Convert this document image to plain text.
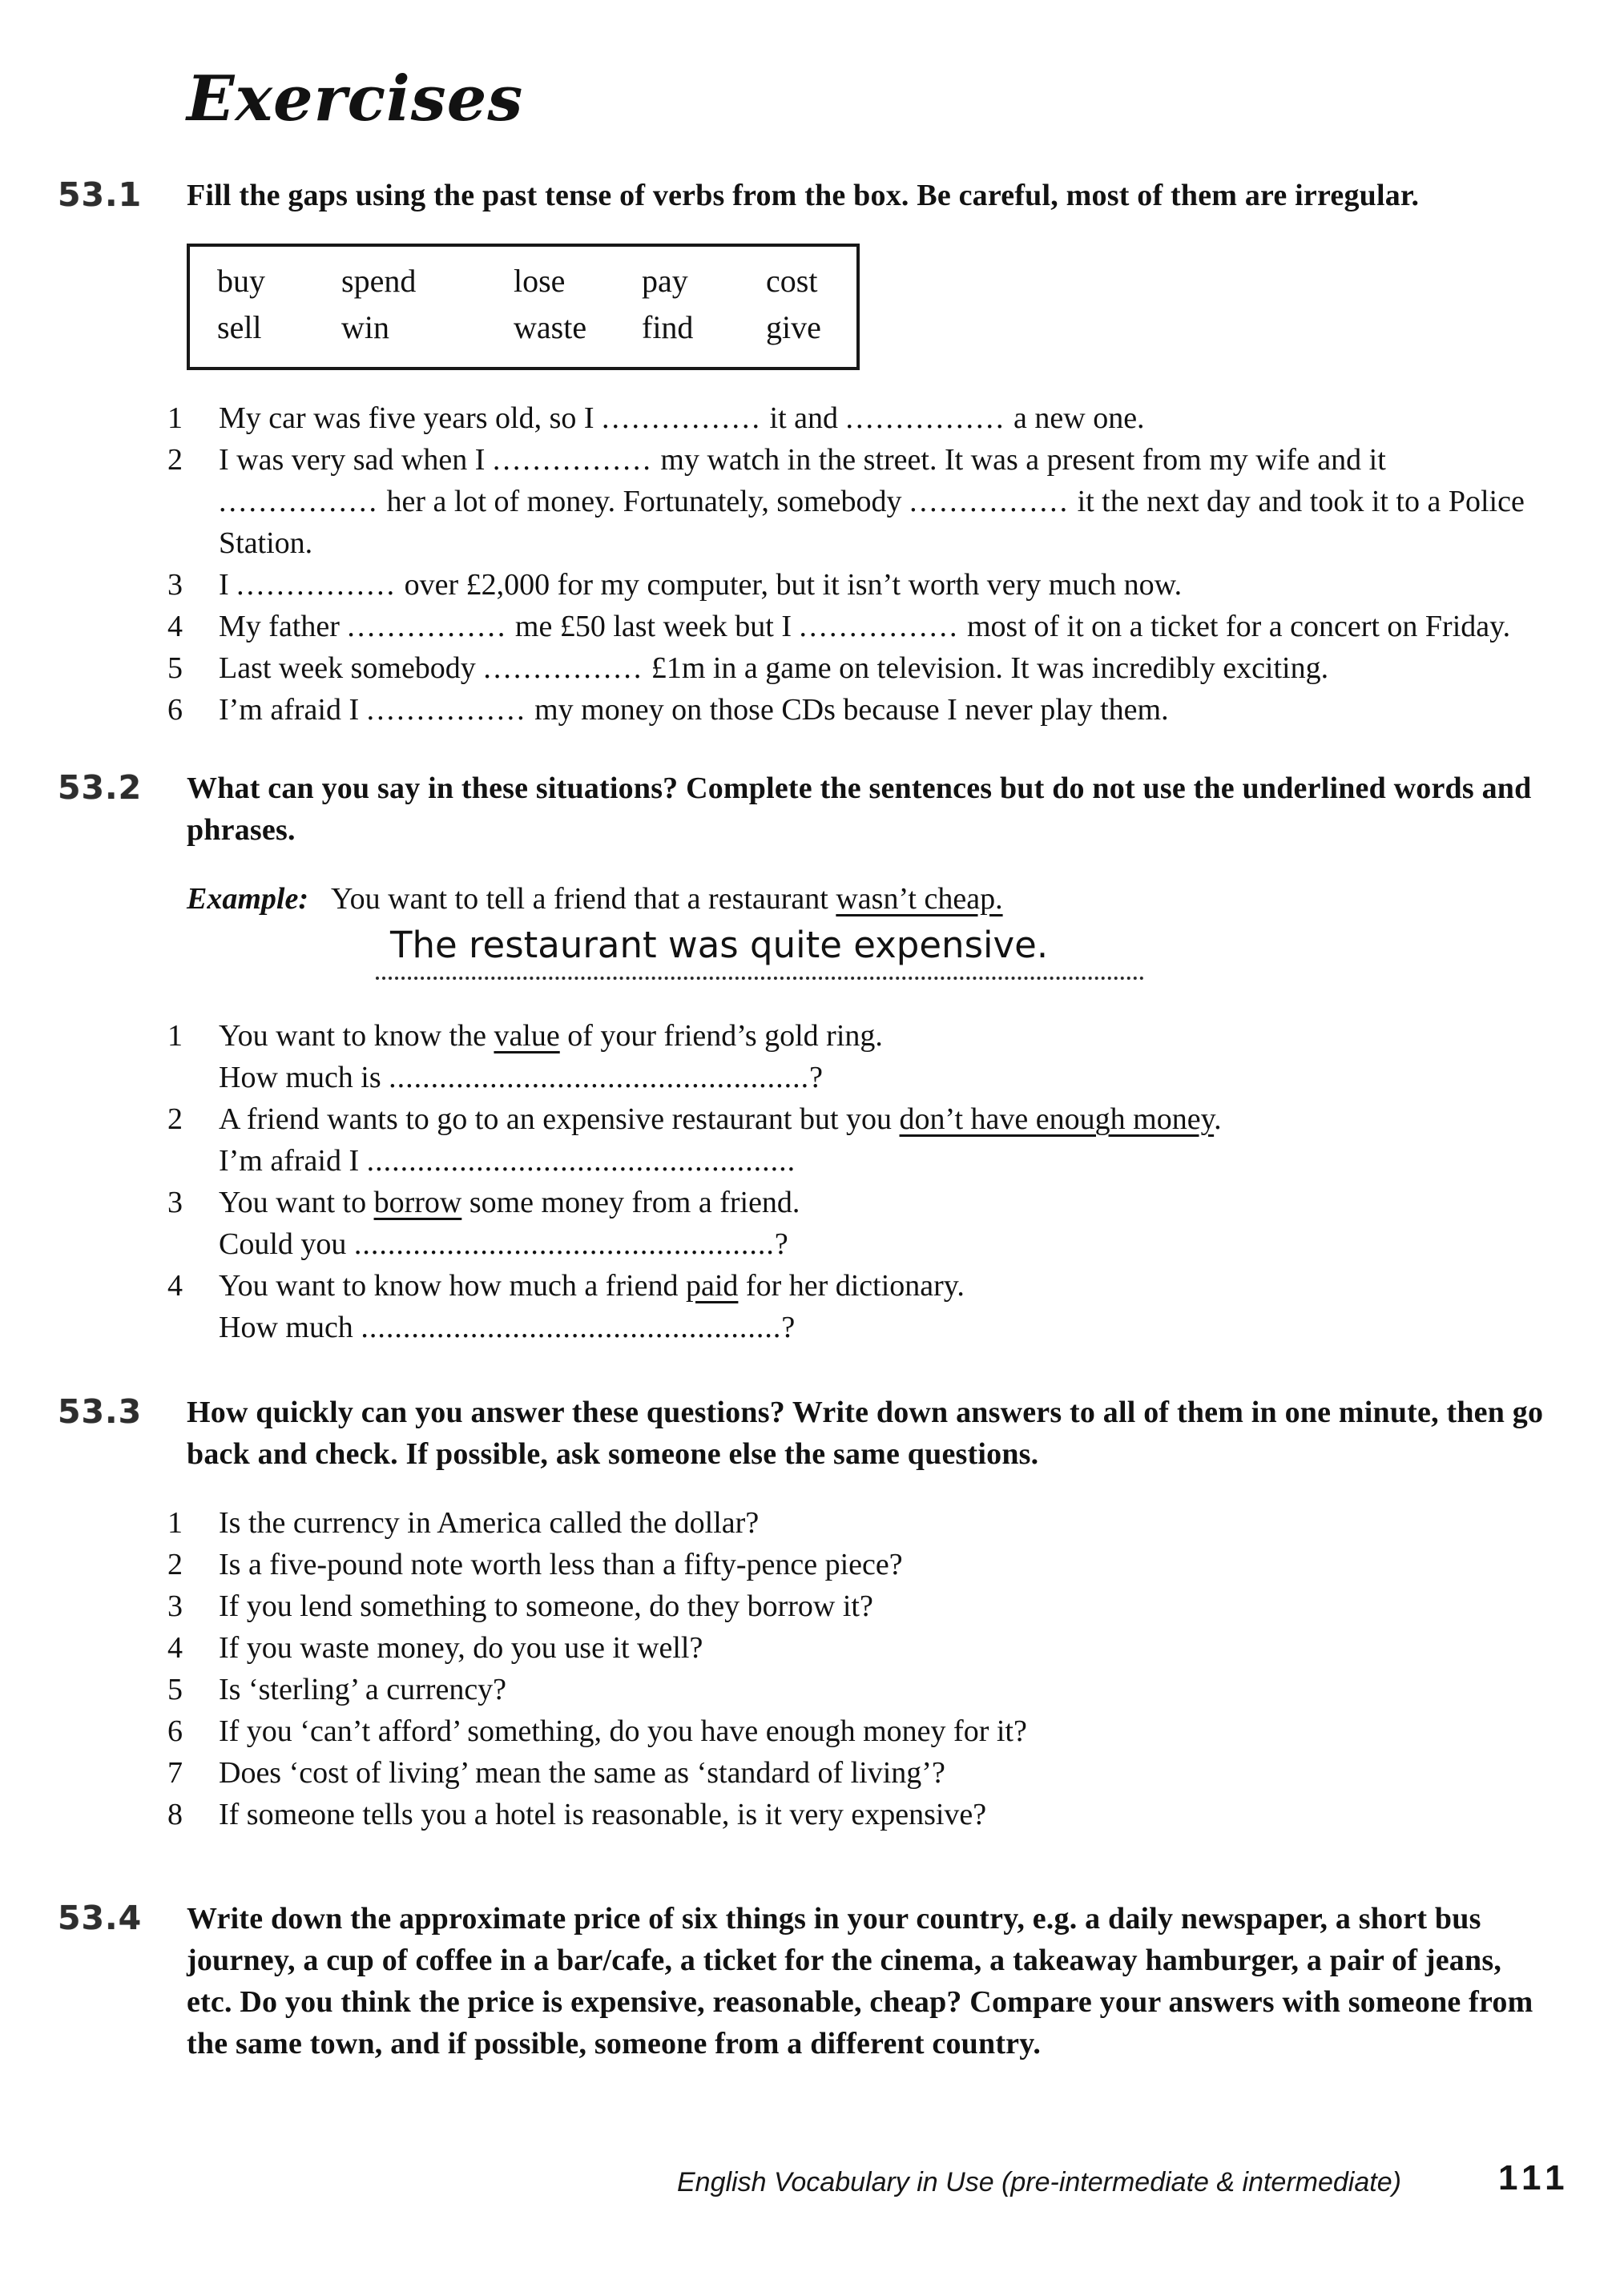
Exercises
53.1	Fill the gaps using the past tense of verbs from the box. Be careful, most of them are irregular.

buy	spend	lose	pay	cost
sell	win	waste	find	give
1 My car was five years old, so I ................ it and ................ a new one.
2 I was very sad when I ................ my watch in the street. It was a present from my wife and it ................ her a lot of money. Fortunately, somebody ................ it the next day and took it to a Police Station.
3 I ................ over £2,000 for my computer, but it isn’t worth very much now.
4 My father ................ me £50 last week but I ................ most of it on a ticket for a concert on Friday.
5 Last week somebody ................ £1m in a game on television. It was incredibly exciting.
6 I’m afraid I ................ my money on those CDs because I never play them.
53.2	What can you say in these situations? Complete the sentences but do not use the underlined words and phrases.

Example: You want to tell a friend that a restaurant wasn’t cheap.
The restaurant was quite expensive.
1 You want to know the value of your friend’s gold ring.
How much is ..................................................?
2 A friend wants to go to an expensive restaurant but you don’t have enough money.
I’m afraid I ...................................................
3 You want to borrow some money from a friend.
Could you ..................................................?
4 You want to know how much a friend paid for her dictionary.
How much ..................................................?
53.3	How quickly can you answer these questions? Write down answers to all of them in one minute, then go back and check. If possible, ask someone else the same questions.

1 Is the currency in America called the dollar?
2 Is a five-pound note worth less than a fifty-pence piece?
3 If you lend something to someone, do they borrow it?
4 If you waste money, do you use it well?
5 Is ‘sterling’ a currency?
6 If you ‘can’t afford’ something, do you have enough money for it?
7 Does ‘cost of living’ mean the same as ‘standard of living’?
8 If someone tells you a hotel is reasonable, is it very expensive?
53.4	Write down the approximate price of six things in your country, e.g. a daily newspaper, a short bus journey, a cup of coffee in a bar/cafe, a ticket for the cinema, a takeaway hamburger, a pair of jeans, etc. Do you think the price is expensive, reasonable, cheap? Compare your answers with someone from the same town, and if possible, someone from a different country.

English Vocabulary in Use (pre-intermediate & intermediate)	111
